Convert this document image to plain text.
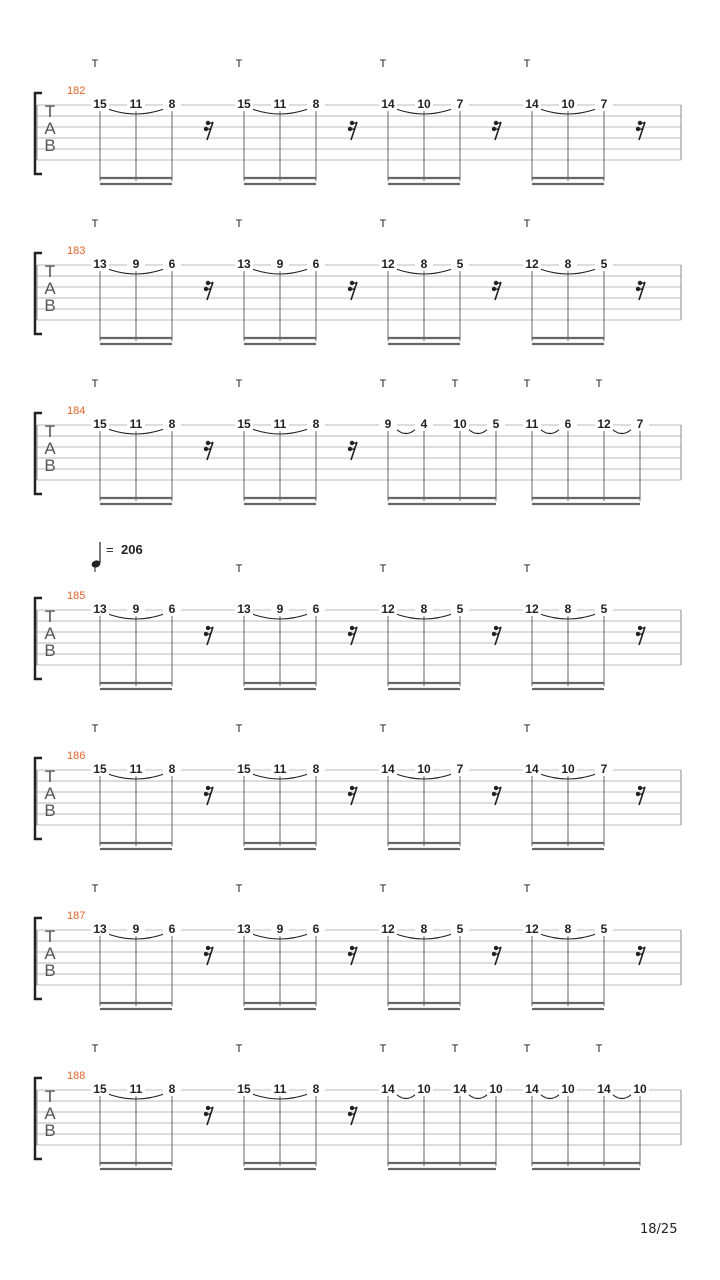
T
A
B
182
15
T
11 8	15
T
11 8	14
T
10 7	14
T
10 7
T
A
B
183
13
T
9 6	13
T
9 6	12
T
8 5	12
T
8 5
T
A
B
184
15
T
11 8	15
T
11 8	9
T
4 10
T
5 11
T
6 12
T
7
T
A
B
185
= 206
13
T
9 6	13
T
9 6	12
T
8 5	12
T
8 5
T
A
B
186
15
T
11 8	15
T
11 8	14
T
10 7	14
T
10 7
T
A
B
187
13
T
9 6	13
T
9 6	12
T
8 5	12
T
8 5
T
A
B
188
15
T
11 8	15
T
11 8	14
T
10 14
T
10 14
T
10 14
T
10
18/25
